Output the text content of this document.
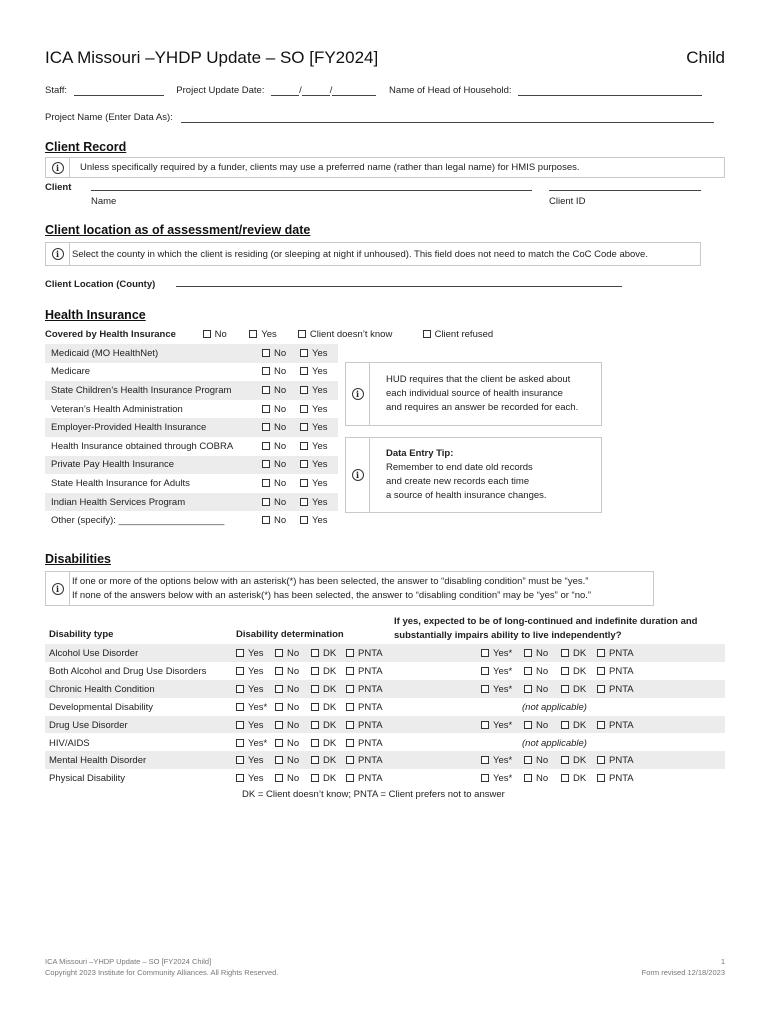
ICA Missouri –YHDP Update – SO [FY2024]	Child
Staff:	Project Update Date:	/	/	Name of Head of Household:
Project Name (Enter Data As):
Client Record
i	Unless specifically required by a funder, clients may use a preferred name (rather than legal name) for HMIS purposes.
Client
Name	Client ID
Client location as of assessment/review date
i	Select the county in which the client is residing (or sleeping at night if unhoused). This field does not need to match the CoC Code above.
Client Location (County)
Health Insurance
Covered by Health Insurance	No	Yes	Client doesn’t know	Client refused
Medicaid (MO HealthNet)	No	Yes
Medicare	No	Yes
State Children’s Health Insurance Program	No	Yes
Veteran’s Health Administration	No	Yes
Employer-Provided Health Insurance	No	Yes
Health Insurance obtained through COBRA	No	Yes
Private Pay Health Insurance	No	Yes
State Health Insurance for Adults	No	Yes
Indian Health Services Program	No	Yes
Other (specify): ____________________	No	Yes
i
HUD requires that the client be asked about
each individual source of health insurance
and requires an answer be recorded for each.
i
Data Entry Tip:
Remember to end date old records
and create new records each time
a source of health insurance changes.
Disabilities
i
If one or more of the options below with an asterisk(*) has been selected, the answer to “disabling condition” must be “yes.”
If none of the answers below with an asterisk(*) has been selected, the answer to “disabling condition” may be “yes” or “no.”
Disability type	Disability determination
If yes, expected to be of long-continued and indefinite duration and
substantially impairs ability to live independently?
Alcohol Use Disorder	Yes	No	DK	PNTA	Yes*	No	DK	PNTA
Both Alcohol and Drug Use Disorders	Yes	No	DK	PNTA	Yes*	No	DK	PNTA
Chronic Health Condition	Yes	No	DK	PNTA	Yes*	No	DK	PNTA
Developmental Disability	Yes*	No	DK	PNTA	(not applicable)
Drug Use Disorder	Yes	No	DK	PNTA	Yes*	No	DK	PNTA
HIV/AIDS	Yes*	No	DK	PNTA	(not applicable)
Mental Health Disorder	Yes	No	DK	PNTA	Yes*	No	DK	PNTA
Physical Disability	Yes	No	DK	PNTA	Yes*	No	DK	PNTA
DK = Client doesn’t know; PNTA = Client prefers not to answer
ICA Missouri –YHDP Update – SO [FY2024 Child]
Copyright 2023 Institute for Community Alliances. All Rights Reserved.
1
Form revised 12/18/2023
